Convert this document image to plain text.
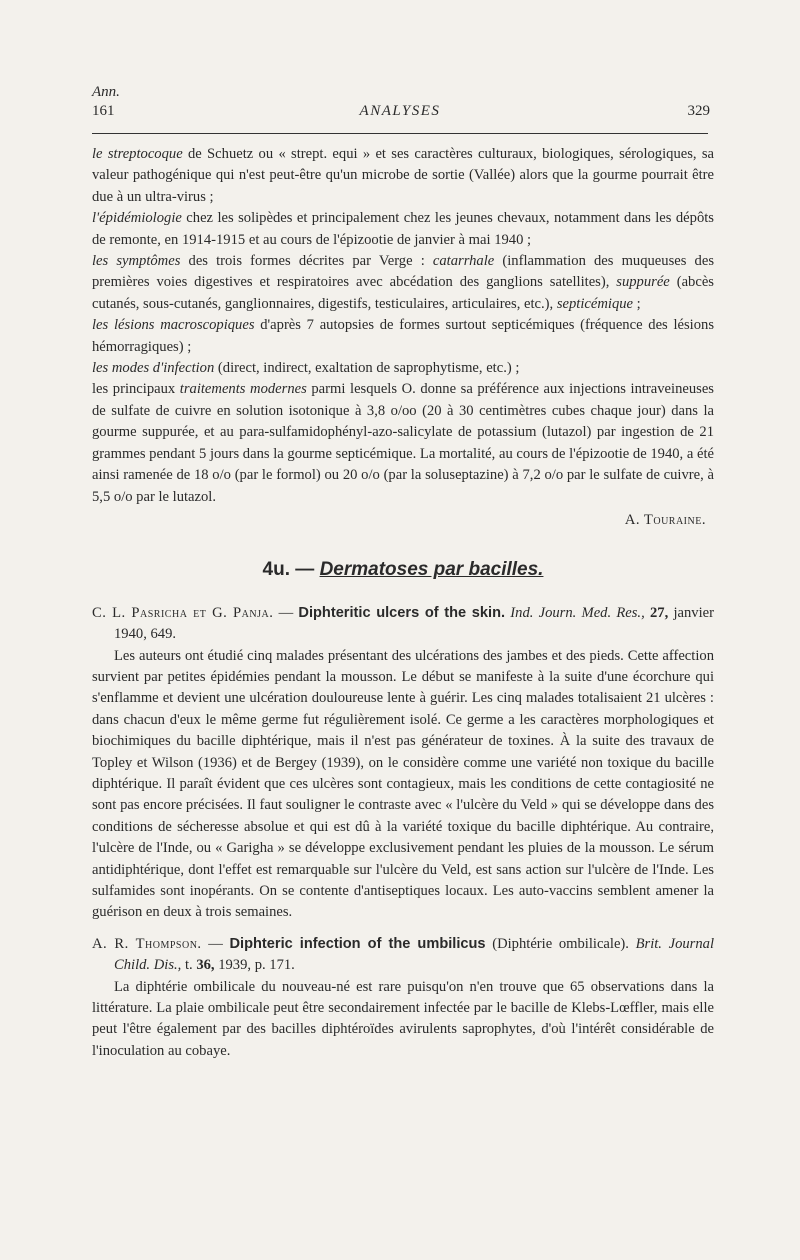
Ann.
161	ANALYSES	329

le streptocoque de Schuetz ou « strept. equi » et ses caractères culturaux, biologiques, sérologiques, sa valeur pathogénique qui n'est peut-être qu'un microbe de sortie (Vallée) alors que la gourme pourrait être due à un ultra-virus ;

l'épidémiologie chez les solipèdes et principalement chez les jeunes chevaux, notamment dans les dépôts de remonte, en 1914-1915 et au cours de l'épizootie de janvier à mai 1940 ;

les symptômes des trois formes décrites par Verge : catarrhale (inflammation des muqueuses des premières voies digestives et respiratoires avec abcédation des ganglions satellites), suppurée (abcès cutanés, sous-cutanés, ganglionnaires, digestifs, testiculaires, articulaires, etc.), septicémique ;

les lésions macroscopiques d'après 7 autopsies de formes surtout septicémiques (fréquence des lésions hémorragiques) ;

les modes d'infection (direct, indirect, exaltation de saprophytisme, etc.) ;

les principaux traitements modernes parmi lesquels O. donne sa préférence aux injections intraveineuses de sulfate de cuivre en solution isotonique à 3,8 o/oo (20 à 30 centimètres cubes chaque jour) dans la gourme suppurée, et au para-sulfamidophényl-azo-salicylate de potassium (lutazol) par ingestion de 21 grammes pendant 5 jours dans la gourme septicémique. La mortalité, au cours de l'épizootie de 1940, a été ainsi ramenée de 18 o/o (par le formol) ou 20 o/o (par la soluseptazine) à 7,2 o/o par le sulfate de cuivre, à 5,5 o/o par le lutazol.

A. Touraine.

4u. — Dermatoses par bacilles.

C. L. Pasricha et G. Panja. — Diphteritic ulcers of the skin. Ind. Journ. Med. Res., 27, janvier 1940, 649.

Les auteurs ont étudié cinq malades présentant des ulcérations des jambes et des pieds. Cette affection survient par petites épidémies pendant la mousson. Le début se manifeste à la suite d'une écorchure qui s'enflamme et devient une ulcération douloureuse lente à guérir. Les cinq malades totalisaient 21 ulcères : dans chacun d'eux le même germe fut régulièrement isolé. Ce germe a les caractères morphologiques et biochimiques du bacille diphtérique, mais il n'est pas générateur de toxines. À la suite des travaux de Topley et Wilson (1936) et de Bergey (1939), on le considère comme une variété non toxique du bacille diphtérique. Il paraît évident que ces ulcères sont contagieux, mais les conditions de cette contagiosité ne sont pas encore précisées. Il faut souligner le contraste avec « l'ulcère du Veld » qui se développe dans des conditions de sécheresse absolue et qui est dû à la variété toxique du bacille diphtérique. Au contraire, l'ulcère de l'Inde, ou « Garigha » se développe exclusivement pendant les pluies de la mousson. Le sérum antidiphtérique, dont l'effet est remarquable sur l'ulcère du Veld, est sans action sur l'ulcère de l'Inde. Les sulfamides sont inopérants. On se contente d'antiseptiques locaux. Les auto-vaccins semblent amener la guérison en deux à trois semaines.

A. R. Thompson. — Diphteric infection of the umbilicus (Diphtérie ombilicale). Brit. Journal Child. Dis., t. 36, 1939, p. 171.

La diphtérie ombilicale du nouveau-né est rare puisqu'on n'en trouve que 65 observations dans la littérature. La plaie ombilicale peut être secondairement infectée par le bacille de Klebs-Lœffler, mais elle peut l'être également par des bacilles diphtéroïdes avirulents saprophytes, d'où l'intérêt considérable de l'inoculation au cobaye.
